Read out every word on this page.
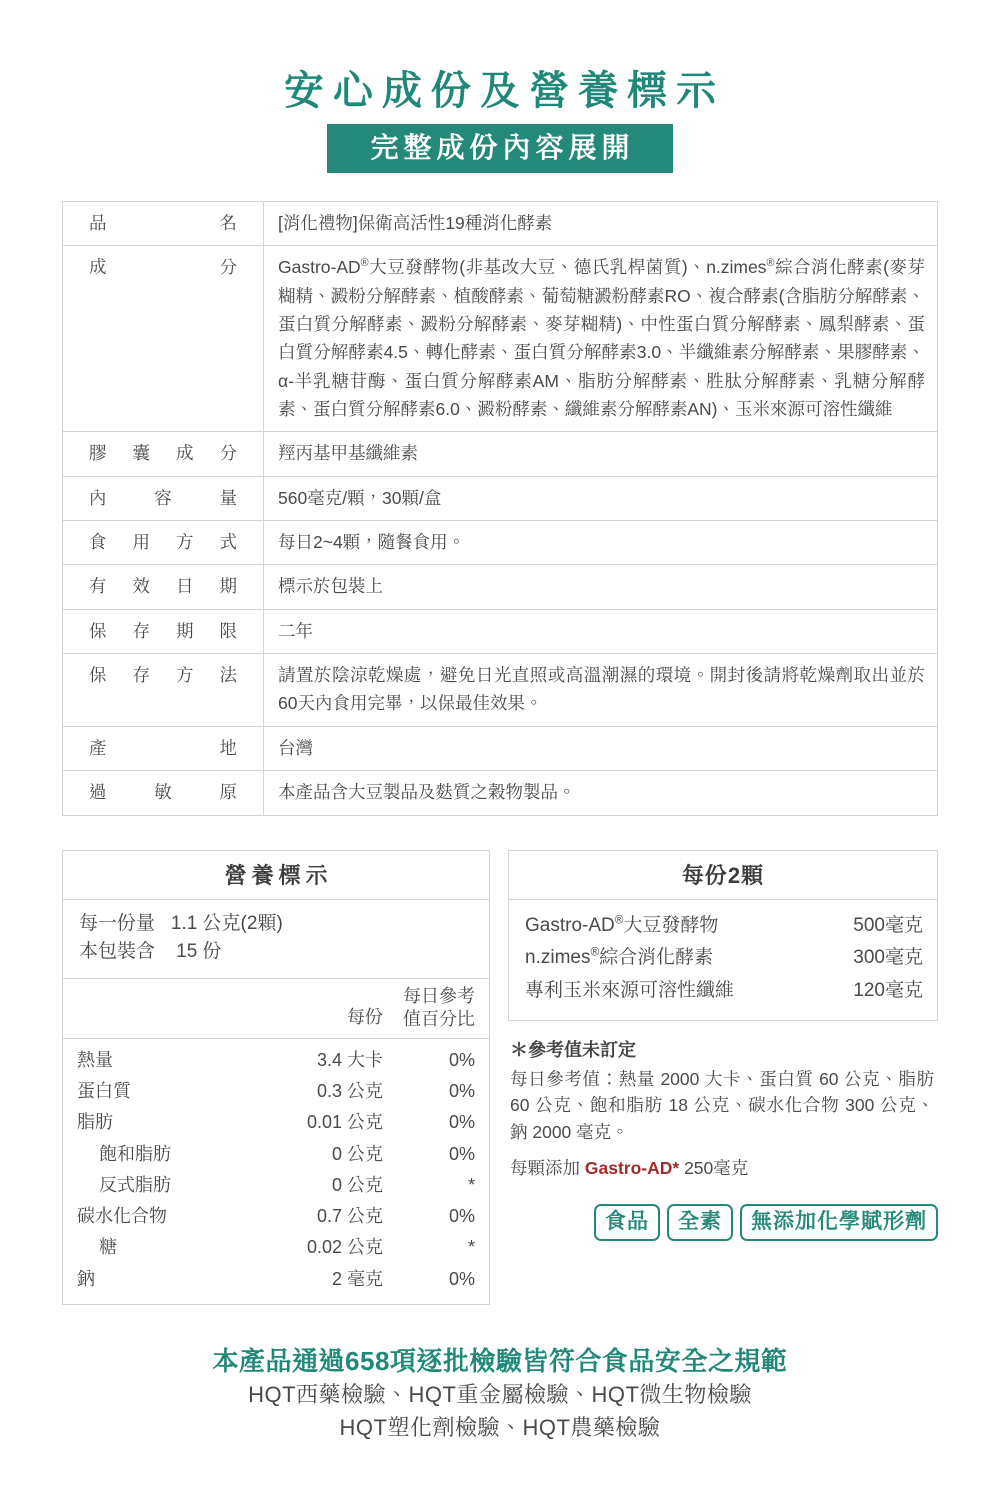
安心成份及營養標示
完整成份內容展開
品名	[消化禮物]保衛高活性19種消化酵素
成分	Gastro-AD®大豆發酵物(非基改大豆、德氏乳桿菌質)、n.zimes®綜合消化酵素(麥芽糊精、澱粉分解酵素、植酸酵素、葡萄糖澱粉酵素RO、複合酵素(含脂肪分解酵素、蛋白質分解酵素、澱粉分解酵素、麥芽糊精)、中性蛋白質分解酵素、鳳梨酵素、蛋白質分解酵素4.5、轉化酵素、蛋白質分解酵素3.0、半纖維素分解酵素、果膠酵素、α-半乳糖苷酶、蛋白質分解酵素AM、脂肪分解酵素、胜肽分解酵素、乳糖分解酵素、蛋白質分解酵素6.0、澱粉酵素、纖維素分解酵素AN)、玉米來源可溶性纖維
膠囊成分	羥丙基甲基纖維素
內容量	560毫克/顆，30顆/盒
食用方式	每日2~4顆，隨餐食用。
有效日期	標示於包裝上
保存期限	二年
保存方法	請置於陰涼乾燥處，避免日光直照或高溫潮濕的環境。開封後請將乾燥劑取出並於60天內食用完畢，以保最佳效果。
產地	台灣
過敏原	本產品含大豆製品及麩質之穀物製品。
營養標示
每一份量 1.1 公克(2顆)
本包裝含 15 份
每份
每日參考
值百分比
熱量	3.4 大卡	0%
蛋白質	0.3 公克	0%
脂肪	0.01 公克	0%
飽和脂肪	0 公克	0%
反式脂肪	0 公克	*
碳水化合物	0.7 公克	0%
糖	0.02 公克	*
鈉	2 毫克	0%
每份2顆
Gastro-AD®大豆發酵物	500毫克
n.zimes®綜合消化酵素	300毫克
專利玉米來源可溶性纖維	120毫克
＊參考值未訂定
每日參考值：熱量 2000 大卡、蛋白質 60 公克、脂肪 60 公克、飽和脂肪 18 公克、碳水化合物 300 公克、鈉 2000 毫克。
每顆添加 Gastro-AD* 250毫克
食品	全素	無添加化學賦形劑
本產品通過658項逐批檢驗皆符合食品安全之規範
HQT西藥檢驗、HQT重金屬檢驗、HQT微生物檢驗
HQT塑化劑檢驗、HQT農藥檢驗
